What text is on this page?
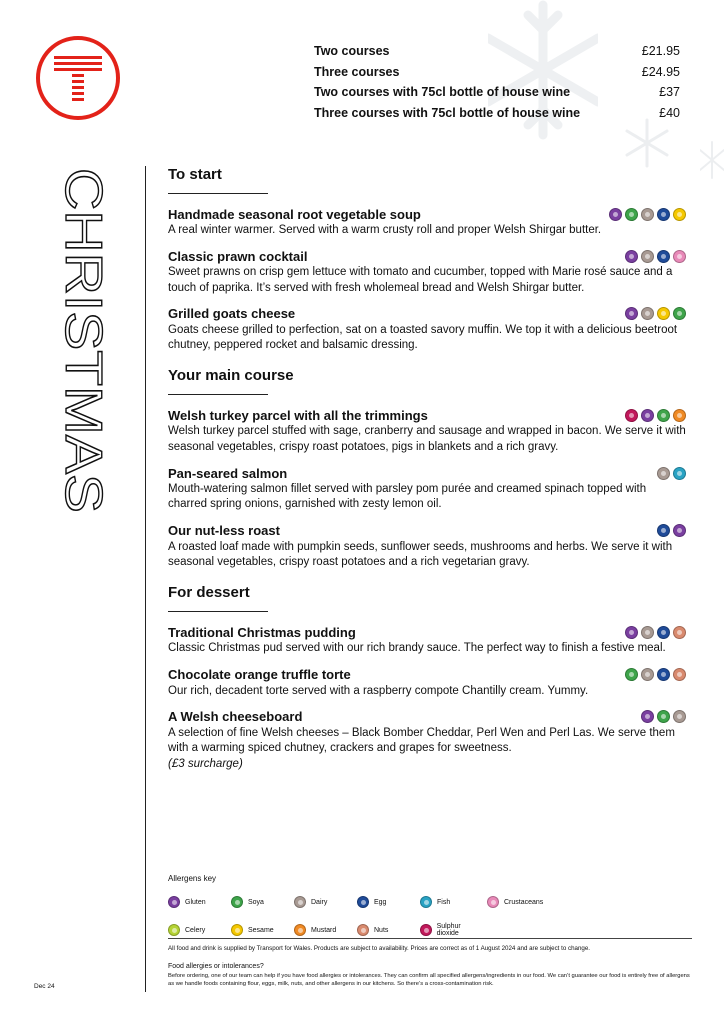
CHRISTMAS
Two courses	£21.95
Three courses	£24.95
Two courses with 75cl bottle of house wine	£37
Three courses with 75cl bottle of house wine	£40
To start
Handmade seasonal root vegetable soup
A real winter warmer. Served with a warm crusty roll and proper Welsh Shirgar butter.
Classic prawn cocktail
Sweet prawns on crisp gem lettuce with tomato and cucumber, topped with Marie rosé sauce and a touch of paprika. It’s served with fresh wholemeal bread and Welsh Shirgar butter.
Grilled goats cheese
Goats cheese grilled to perfection, sat on a toasted savory muffin. We top it with a delicious beetroot chutney, peppered rocket and balsamic dressing.
Your main course
Welsh turkey parcel with all the trimmings
Welsh turkey parcel stuffed with sage, cranberry and sausage and wrapped in bacon. We serve it with seasonal vegetables, crispy roast potatoes, pigs in blankets and a rich gravy.
Pan-seared salmon
Mouth-watering salmon fillet served with parsley pom purée and creamed spinach topped with charred spring onions, garnished with zesty lemon oil.
Our nut-less roast
A roasted loaf made with pumpkin seeds, sunflower seeds, mushrooms and herbs. We serve it with seasonal vegetables, crispy roast potatoes and a rich vegetarian gravy.
For dessert
Traditional Christmas pudding
Classic Christmas pud served with our rich brandy sauce. The perfect way to finish a festive meal.
Chocolate orange truffle torte
Our rich, decadent torte served with a raspberry compote Chantilly cream. Yummy.
A Welsh cheeseboard
A selection of fine Welsh cheeses – Black Bomber Cheddar, Perl Wen and Perl Las. We serve them with a warming spiced chutney, crackers and grapes for sweetness.
(£3 surcharge)
Allergens key
Gluten	Soya	Dairy	Egg	Fish	Crustaceans
Celery	Sesame	Mustard	Nuts	Sulphur dioxide
All food and drink is supplied by Transport for Wales. Products are subject to availability. Prices are correct as of 1 August 2024 and are subject to change.
Food allergies or intolerances?
Before ordering, one of our team can help if you have food allergies or intolerances. They can confirm all specified allergens/ingredients in our food. We can’t guarantee our food is entirely free of allergens as we handle foods containing flour, eggs, milk, nuts, and other allergens in our kitchens. So there’s a cross-contamination risk.
Dec 24
